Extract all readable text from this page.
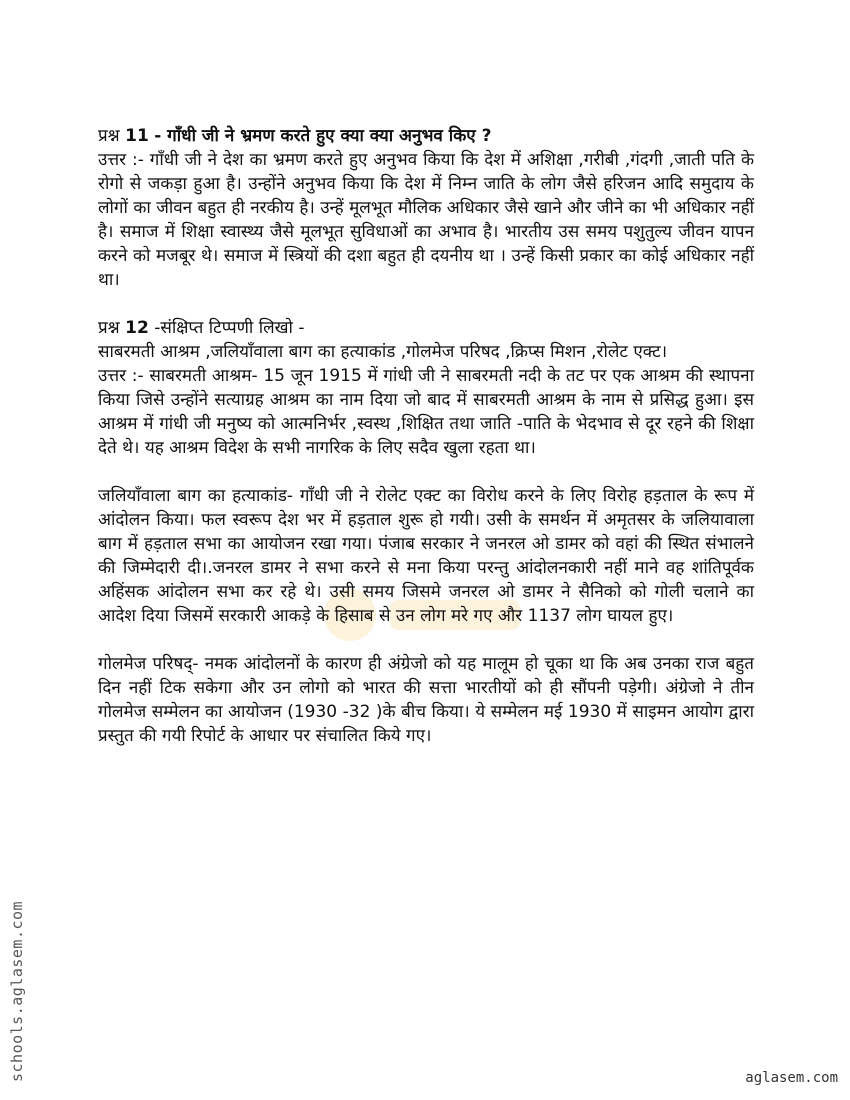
प्रश्न 11 - गाँधी जी ने भ्रमण करते हुए क्या क्या अनुभव किए ?

उत्तर :- गाँधी जी ने देश का भ्रमण करते हुए अनुभव किया कि देश में अशिक्षा ,गरीबी ,गंदगी ,जाती पति के रोगो से जकड़ा हुआ है। उन्होंने अनुभव किया कि देश में निम्न जाति के लोग जैसे हरिजन आदि समुदाय के लोगों का जीवन बहुत ही नरकीय है। उन्हें मूलभूत मौलिक अधिकार जैसे खाने और जीने का भी अधिकार नहीं है। समाज में शिक्षा स्वास्थ्य जैसे मूलभूत सुविधाओं का अभाव है। भारतीय उस समय पशुतुल्य जीवन यापन करने को मजबूर थे। समाज में स्त्रियों की दशा बहुत ही दयनीय था । उन्हें किसी प्रकार का कोई अधिकार नहीं था।

प्रश्न 12 -संक्षिप्त टिप्पणी लिखो -

साबरमती आश्रम ,जलियाँवाला बाग का हत्याकांड ,गोलमेज परिषद ,क्रिप्स मिशन ,रोलेट एक्ट।

उत्तर :- साबरमती आश्रम- 15 जून 1915 में गांधी जी ने साबरमती नदी के तट पर एक आश्रम की स्थापना किया जिसे उन्होंने सत्याग्रह आश्रम का नाम दिया जो बाद में साबरमती आश्रम के नाम से प्रसिद्ध हुआ। इस आश्रम में गांधी जी मनुष्य को आत्मनिर्भर ,स्वस्थ ,शिक्षित तथा जाति -पाति के भेदभाव से दूर रहने की शिक्षा देते थे। यह आश्रम विदेश के सभी नागरिक के लिए सदैव खुला रहता था।

जलियाँवाला बाग का हत्याकांड- गाँधी जी ने रोलेट एक्ट का विरोध करने के लिए विरोह हड़ताल के रूप में आंदोलन किया। फल स्वरूप देश भर में हड़ताल शुरू हो गयी। उसी के समर्थन में अमृतसर के जलियावाला बाग में हड़ताल सभा का आयोजन रखा गया। पंजाब सरकार ने जनरल ओ डामर को वहां की स्थित संभालने की जिम्मेदारी दी।.जनरल डामर ने सभा करने से मना किया परन्तु आंदोलनकारी नहीं माने वह शांतिपूर्वक अहिंसक आंदोलन सभा कर रहे थे। उसी समय जिसमे जनरल ओ डामर ने सैनिको को गोली चलाने का आदेश दिया जिसमें सरकारी आकड़े के हिसाब से उन लोग मरे गए और 1137 लोग घायल हुए।

गोलमेज परिषद्- नमक आंदोलनों के कारण ही अंग्रेजो को यह मालूम हो चूका था कि अब उनका राज बहुत दिन नहीं टिक सकेगा और उन लोगो को भारत की सत्ता भारतीयों को ही सौंपनी पड़ेगी। अंग्रेजो ने तीन गोलमेज सम्मेलन का आयोजन (1930 -32 )के बीच किया। ये सम्मेलन मई 1930 में साइमन आयोग द्वारा प्रस्तुत की गयी रिपोर्ट के आधार पर संचालित किये गए।

schools.aglasem.com	aglasem.com
